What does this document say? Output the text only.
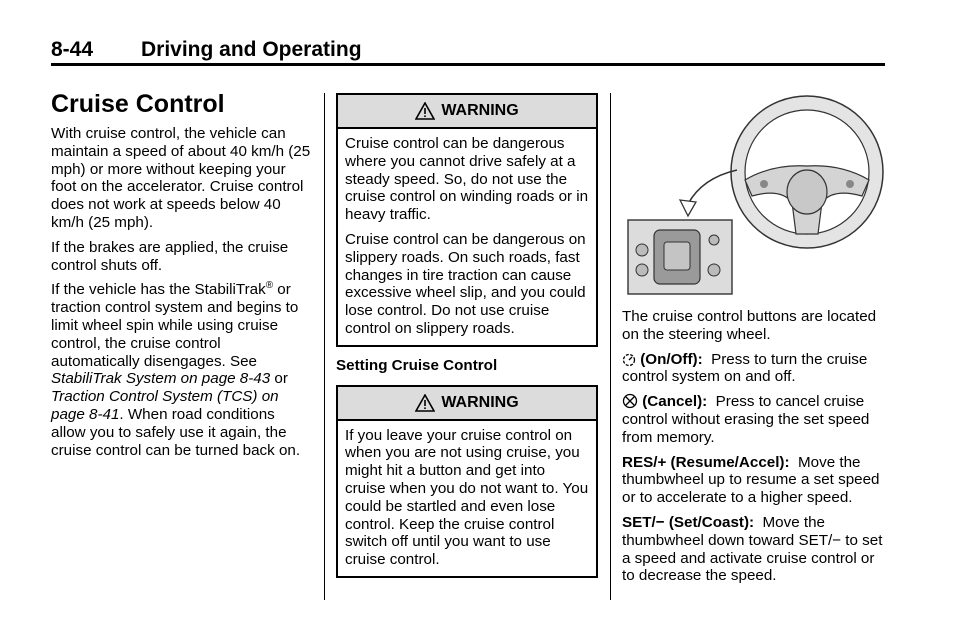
8-44 Driving and Operating
Cruise Control

With cruise control, the vehicle can maintain a speed of about 40 km/h (25 mph) or more without keeping your foot on the accelerator. Cruise control does not work at speeds below 40 km/h (25 mph).

If the brakes are applied, the cruise control shuts off.

If the vehicle has the StabiliTrak® or traction control system and begins to limit wheel spin while using cruise control, the cruise control automatically disengages. See StabiliTrak System on page 8-43 or Traction Control System (TCS) on page 8-41. When road conditions allow you to safely use it again, the cruise control can be turned back on.

WARNING

Cruise control can be dangerous where you cannot drive safely at a steady speed. So, do not use the cruise control on winding roads or in heavy traffic.

Cruise control can be dangerous on slippery roads. On such roads, fast changes in tire traction can cause excessive wheel slip, and you could lose control. Do not use cruise control on slippery roads.

Setting Cruise Control
WARNING

If you leave your cruise control on when you are not using cruise, you might hit a button and get into cruise when you do not want to. You could be startled and even lose control. Keep the cruise control switch off until you want to use cruise control.

The cruise control buttons are located on the steering wheel.

(On/Off): Press to turn the cruise control system on and off.

(Cancel): Press to cancel cruise control without erasing the set speed from memory.

RES/+ (Resume/Accel): Move the thumbwheel up to resume a set speed or to accelerate to a higher speed.

SET/− (Set/Coast): Move the thumbwheel down toward SET/− to set a speed and activate cruise control or to decrease the speed.
